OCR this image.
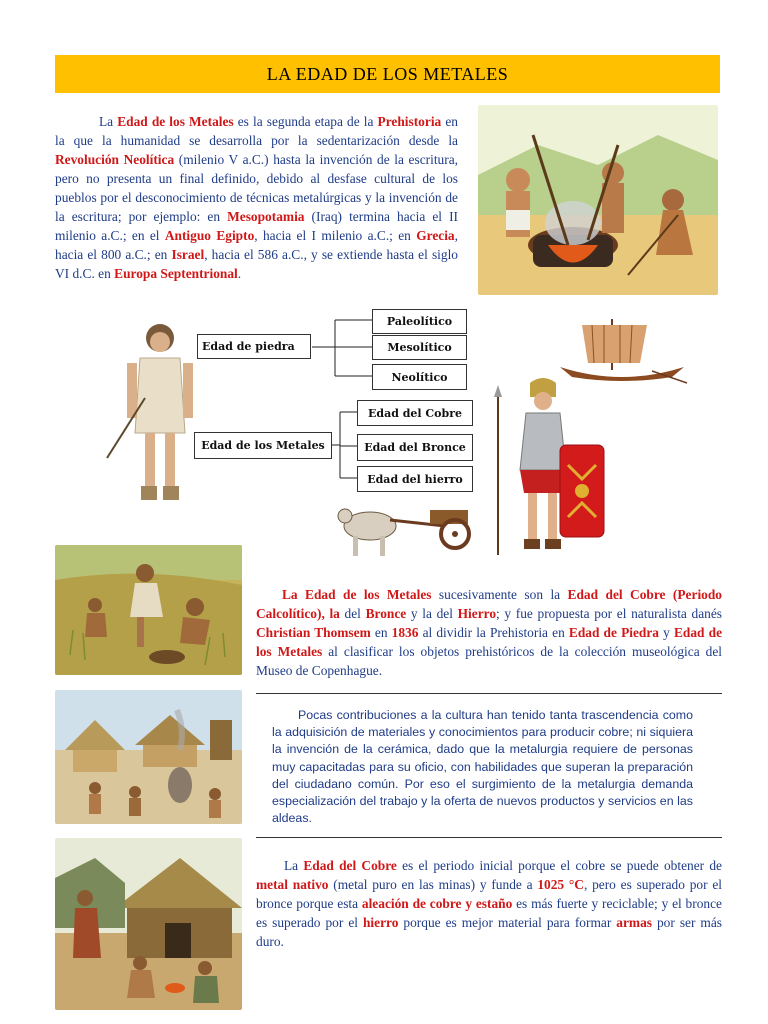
LA EDAD DE LOS METALES
La Edad de los Metales es la segunda etapa de la Prehistoria en la que la humanidad se desarrolla por la sedentarización desde la Revolución Neolítica (milenio V a.C.) hasta la invención de la escritura, pero no presenta un final definido, debido al desfase cultural de los pueblos por el desconocimiento de técnicas metalúrgicas y la invención de la escritura; por ejemplo: en Mesopotamia (Iraq) termina hacia el II milenio a.C.; en el Antiguo Egipto, hacia el I milenio a.C.; en Grecia, hacia el 800 a.C.; en Israel, hacia el 586 a.C., y se extiende hasta el siglo VI d.C. en Europa Septentrional.
Edad de piedra
Edad de los Metales
Paleolítico
Mesolítico
Neolítico
Edad del Cobre
Edad del Bronce
Edad del hierro
La Edad de los Metales sucesivamente son la Edad del Cobre (Periodo Calcolítico), la del Bronce y la del Hierro; y fue propuesta por el naturalista danés Christian Thomsem en 1836 al dividir la Prehistoria en Edad de Piedra y Edad de los Metales al clasificar los objetos prehistóricos de la colección museológica del Museo de Copenhague.
Pocas contribuciones a la cultura han tenido tanta trascendencia como la adquisición de materiales y conocimientos para producir cobre; ni siquiera la invención de la cerámica, dado que la metalurgia requiere de personas muy capacitadas para su oficio, con habilidades que superan la preparación del ciudadano común. Por eso el surgimiento de la metalurgia demanda especialización del trabajo y la oferta de nuevos productos y servicios en las aldeas.
La Edad del Cobre es el periodo inicial porque el cobre se puede obtener de metal nativo (metal puro en las minas) y funde a 1025 °C, pero es superado por el bronce porque esta aleación de cobre y estaño es más fuerte y reciclable; y el bronce es superado por el hierro porque es mejor material para formar armas por ser más duro.
